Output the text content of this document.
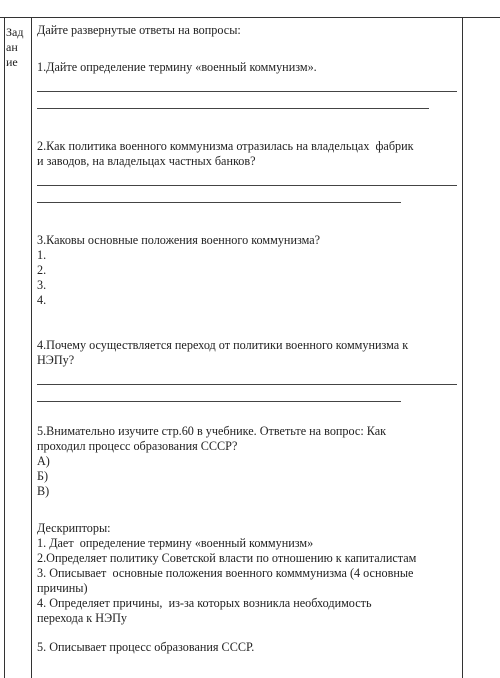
Зад
ан
ие

Дайте развернутые ответы на вопросы:

1.Дайте определение термину «военный коммунизм».

2.Как политика военного коммунизма отразилась на владельцах  фабрик
и заводов, на владельцах частных банков?

3.Каковы основные положения военного коммунизма?

1.

2.

3.

4.

4.Почему осуществляется переход от политики военного коммунизма к
НЭПу?

5.Внимательно изучите стр.60 в учебнике. Ответьте на вопрос: Как
проходил процесс образования СССР?

А)

Б)

В)

Дескрипторы:

1. Дает  определение термину «военный коммунизм»

2.Определяет политику Советской власти по отношению к капиталистам

3. Описывает  основные положения военного комммунизма (4 основные
причины)

4. Определяет причины,  из-за которых возникла необходимость
перехода к НЭПу

5. Описывает процесс образования СССР.
